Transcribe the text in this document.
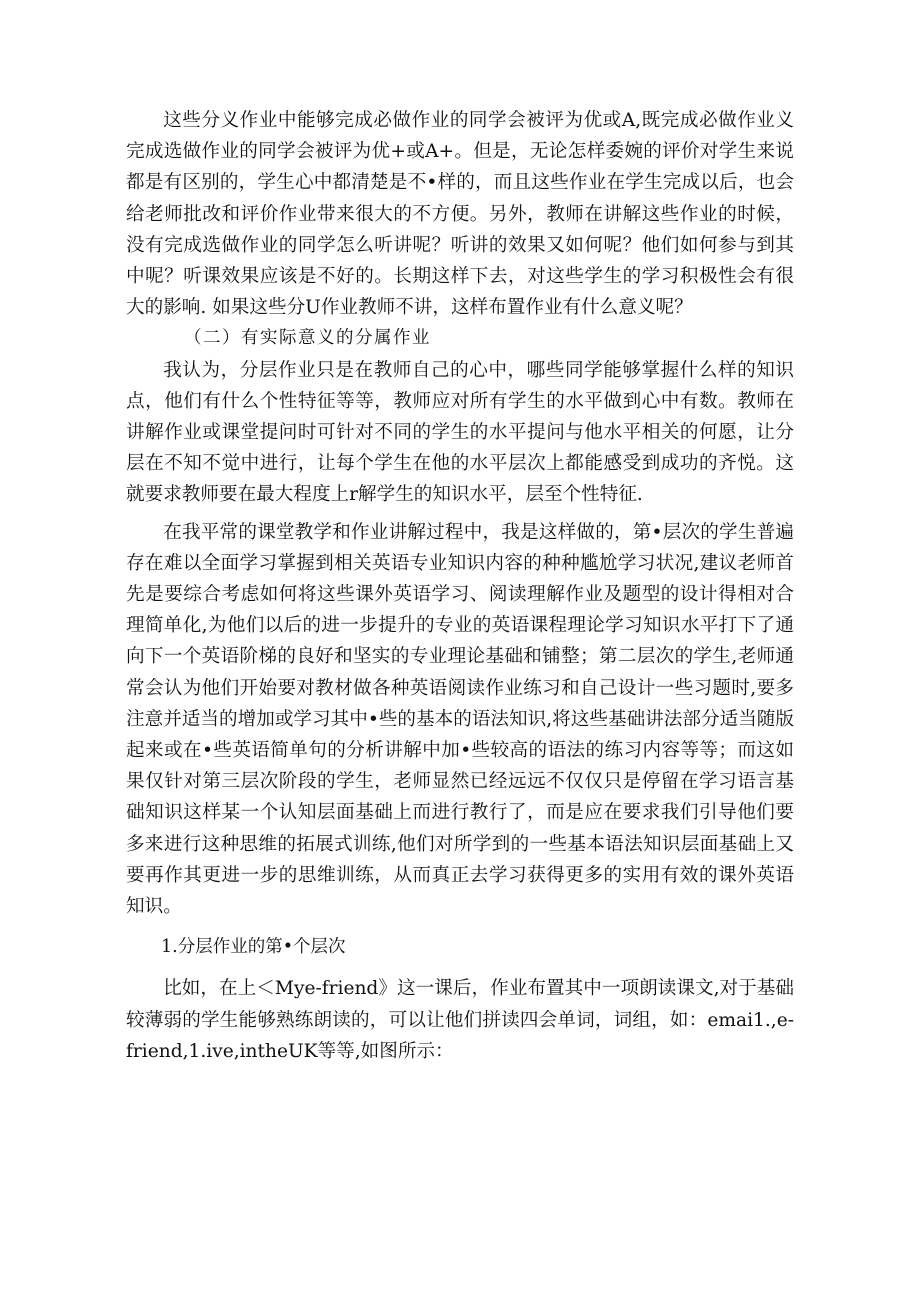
这些分义作业中能够完成必做作业的同学会被评为优或A,既完成必做作业义完成选做作业的同学会被评为优+或A+。但是，无论怎样委婉的评价对学生来说都是有区别的，学生心中都清楚是不•样的，而且这些作业在学生完成以后，也会给老师批改和评价作业带来很大的不方便。另外，教师在讲解这些作业的时候，没有完成选做作业的同学怎么听讲呢？听讲的效果又如何呢？他们如何参与到其中呢？听课效果应该是不好的。长期这样下去，对这些学生的学习积极性会有很大的影响. 如果这些分U作业教师不讲，这样布置作业有什么意义呢？

（二）有实际意义的分属作业

我认为，分层作业只是在教师自己的心中，哪些同学能够掌握什么样的知识点，他们有什么个性特征等等，教师应对所有学生的水平做到心中有数。教师在讲解作业或课堂提问时可针对不同的学生的水平提问与他水平相关的何愿，让分层在不知不觉中进行，让每个学生在他的水平层次上都能感受到成功的齐悦。这就要求教师要在最大程度上r解学生的知识水平，层至个性特征.

在我平常的课堂教学和作业讲解过程中，我是这样做的，第•层次的学生普遍存在难以全面学习掌握到相关英语专业知识内容的种种尴尬学习状况,建议老师首先是要综合考虑如何将这些课外英语学习、阅读理解作业及题型的设计得相对合理简单化,为他们以后的进一步提升的专业的英语课程理论学习知识水平打下了通向下一个英语阶梯的良好和坚实的专业理论基础和铺整；第二层次的学生,老师通常会认为他们开始要对教材做各种英语阅读作业练习和自己设计一些习题时,要多注意并适当的增加或学习其中•些的基本的语法知识,将这些基础讲法部分适当随版起来或在•些英语简单句的分析讲解中加•些较高的语法的练习内容等等；而这如果仅针对第三层次阶段的学生，老师显然已经远远不仅仅只是停留在学习语言基础知识这样某一个认知层面基础上而进行教行了，而是应在要求我们引导他们要多来进行这种思维的拓展式训练,他们对所学到的一些基本语法知识层面基础上又要再作其更进一步的思维训练，从而真正去学习获得更多的实用有效的课外英语知识。

1.分层作业的第•个层次

比如，在上＜Mye-friend》这一课后，作业布置其中一项朗读课文,对于基础较薄弱的学生能够熟练朗读的，可以让他们拼读四会单词，词组，如：emai1.,e-friend,1.ive,intheUK等等,如图所示：
